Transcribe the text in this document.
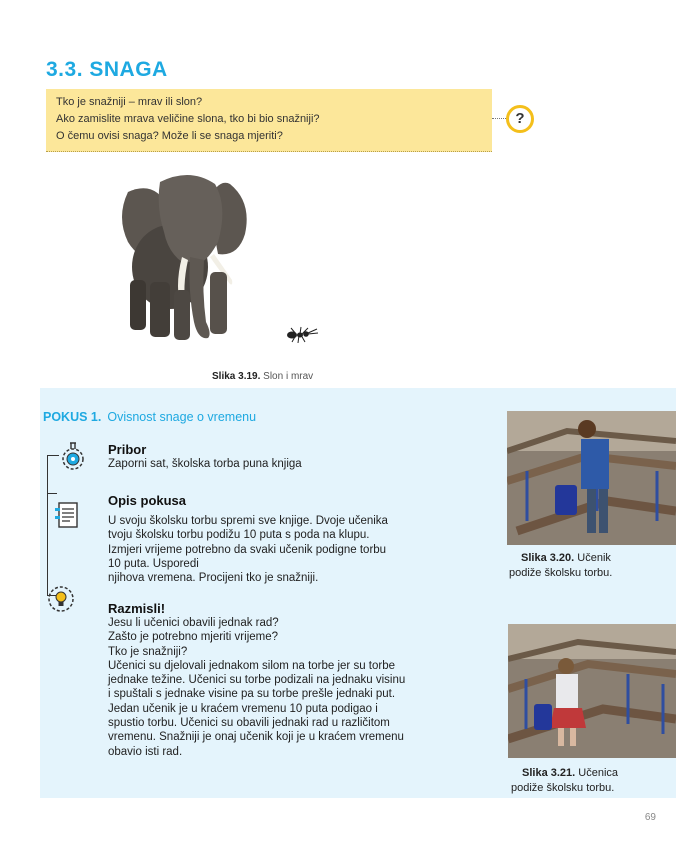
3.3. SNAGA
Tko je snažniji – mrav ili slon?
Ako zamislite mrava veličine slona, tko bi bio snažniji?
O čemu ovisi snaga? Može li se snaga mjeriti?
?
Slika 3.19. Slon i mrav
POKUS 1. Ovisnost snage o vremenu
Pribor
Zaporni sat, školska torba puna knjiga
Opis pokusa
U svoju školsku torbu spremi sve knjige. Dvoje učenika
tvoju školsku torbu podižu 10 puta s poda na klupu.
Izmjeri vrijeme potrebno da svaki učenik podigne torbu
10 puta. Usporedi
njihova vremena. Procijeni tko je snažniji.
Razmisli!
Jesu li učenici obavili jednak rad?
Zašto je potrebno mjeriti vrijeme?
Tko je snažniji?
Učenici su djelovali jednakom silom na torbe jer su torbe
jednake težine. Učenici su torbe podizali na jednaku visinu
i spuštali s jednake visine pa su torbe prešle jednaki put.
Jedan učenik je u kraćem vremenu 10 puta podigao i
spustio torbu. Učenici su obavili jednaki rad u različitom
vremenu. Snažniji je onaj učenik koji je u kraćem vremenu
obavio isti rad.
Slika 3.20. Učenik
podiže školsku torbu.
Slika 3.21. Učenica
podiže školsku torbu.
69
